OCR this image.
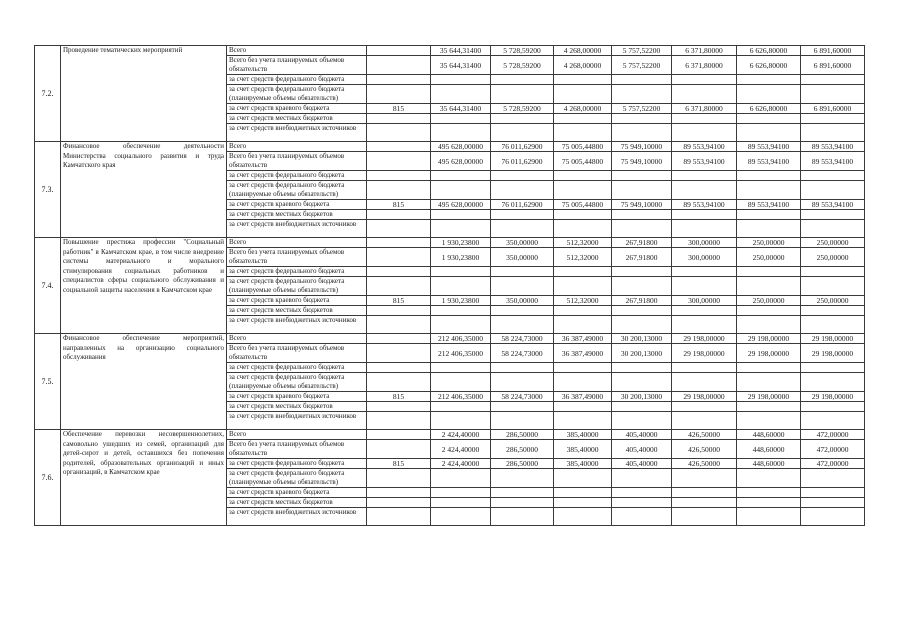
7.2.	Проведение тематических мероприятий	Всего		35 644,31400	5 728,59200	4 268,00000	5 757,52200	6 371,80000	6 626,80000	6 891,60000
		Всего без учета планируемых объемов обязательств		35 644,31400	5 728,59200	4 268,00000	5 757,52200	6 371,80000	6 626,80000	6 891,60000
		за счет средств федерального бюджета								
		за счет средств федерального бюджета (планируемые объемы обязательств)								
		за счет средств краевого бюджета	815	35 644,31400	5 728,59200	4 268,00000	5 757,52200	6 371,80000	6 626,80000	6 891,60000
		за счет средств местных бюджетов								
		за счет средств внебюджетных источников								
7.3.	Финансовое обеспечение деятельности Министерства социального развития и труда Камчатского края	Всего		495 628,00000	76 011,62900	75 005,44800	75 949,10000	89 553,94100	89 553,94100	89 553,94100
		Всего без учета планируемых объемов обязательств		495 628,00000	76 011,62900	75 005,44800	75 949,10000	89 553,94100	89 553,94100	89 553,94100
		за счет средств федерального бюджета								
		за счет средств федерального бюджета (планируемые объемы обязательств)								
		за счет средств краевого бюджета	815	495 628,00000	76 011,62900	75 005,44800	75 949,10000	89 553,94100	89 553,94100	89 553,94100
		за счет средств местных бюджетов								
		за счет средств внебюджетных источников								
7.4.	Повышение престижа профессии "Социальный работник" в Камчатском крае, в том числе внедрение системы материального и морального стимулирования социальных работников и специалистов сферы социального обслуживания и социальной защиты населения в Камчатском крае	Всего		1 930,23800	350,00000	512,32000	267,91800	300,00000	250,00000	250,00000
		Всего без учета планируемых объемов обязательств		1 930,23800	350,00000	512,32000	267,91800	300,00000	250,00000	250,00000
		за счет средств федерального бюджета								
		за счет средств федерального бюджета (планируемые объемы обязательств)								
		за счет средств краевого бюджета	815	1 930,23800	350,00000	512,32000	267,91800	300,00000	250,00000	250,00000
		за счет средств местных бюджетов								
		за счет средств внебюджетных источников								
7.5.	Финансовое обеспечение мероприятий, направленных на организацию социального обслуживания	Всего		212 406,35000	58 224,73000	36 387,49000	30 200,13000	29 198,00000	29 198,00000	29 198,00000
		Всего без учета планируемых объемов обязательств		212 406,35000	58 224,73000	36 387,49000	30 200,13000	29 198,00000	29 198,00000	29 198,00000
		за счет средств федерального бюджета								
		за счет средств федерального бюджета (планируемые объемы обязательств)								
		за счет средств краевого бюджета	815	212 406,35000	58 224,73000	36 387,49000	30 200,13000	29 198,00000	29 198,00000	29 198,00000
		за счет средств местных бюджетов								
		за счет средств внебюджетных источников								
7.6.	Обеспечение перевозки несовершеннолетних, самовольно ушедших из семей, организаций для детей-сирот и детей, оставшихся без попечения родителей, образовательных организаций и иных организаций, в Камчатском крае	Всего		2 424,40000	286,50000	385,40000	405,40000	426,50000	448,60000	472,00000
		Всего без учета планируемых объемов обязательств		2 424,40000	286,50000	385,40000	405,40000	426,50000	448,60000	472,00000
		за счет средств федерального бюджета	815	2 424,40000	286,50000	385,40000	405,40000	426,50000	448,60000	472,00000
		за счет средств федерального бюджета (планируемые объемы обязательств)								
		за счет средств краевого бюджета								
		за счет средств местных бюджетов								
		за счет средств внебюджетных источников								
